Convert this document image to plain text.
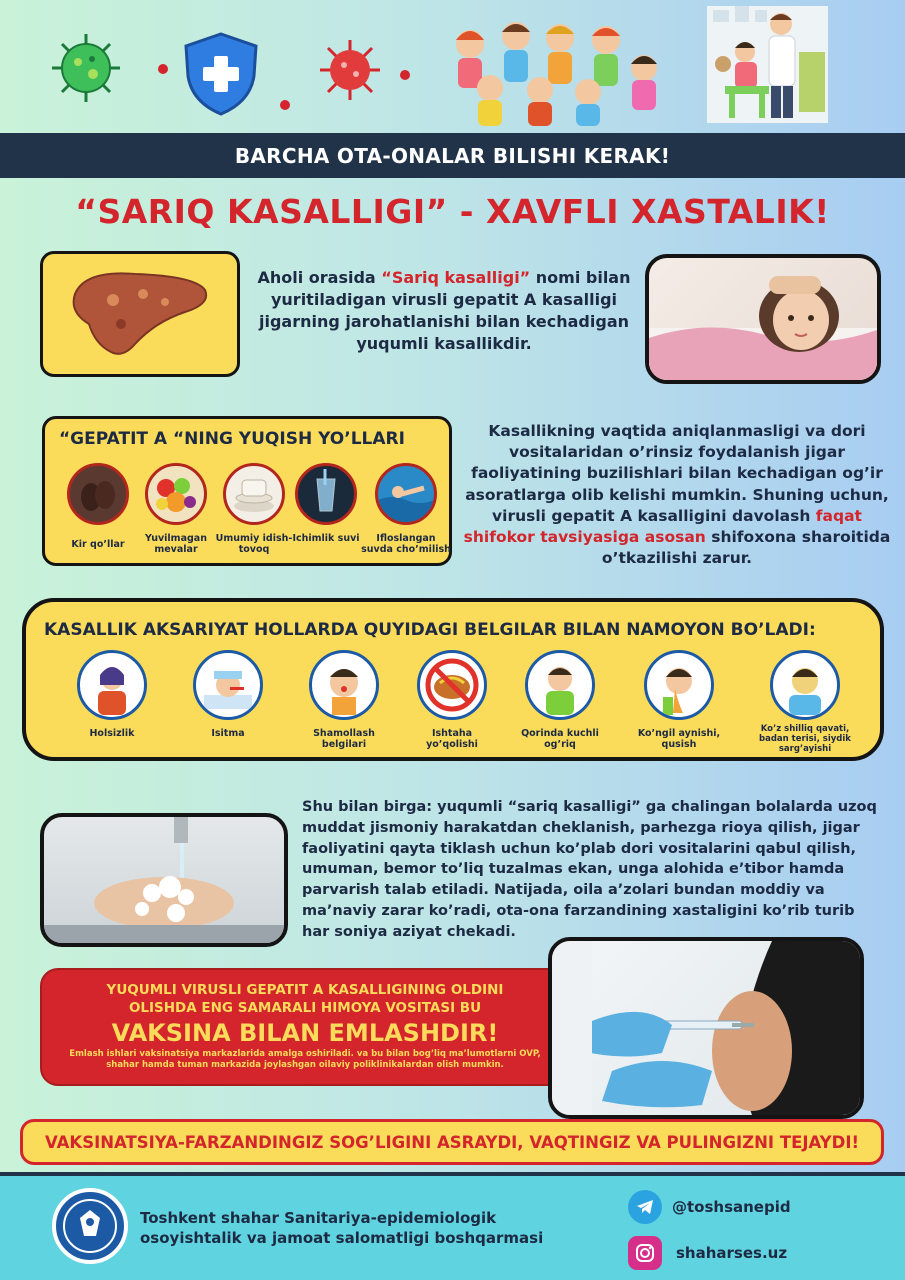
BARCHA OTA-ONALAR BILISHI KERAK!
“SARIQ KASALLIGI” - XAVFLI XASTALIK!
Aholi orasida “Sariq kasalligi” nomi bilan yuritiladigan virusli gepatit A kasalligi jigarning jarohatlanishi bilan kechadigan yuqumli kasallikdir.
“GEPATIT A “NING YUQISH YO’LLARI
Kir qo’llar
Yuvilmagan mevalar
Umumiy idish-tovoq
Ichimlik suvi	Ifloslangan suvda cho’milish
Kasallikning vaqtida aniqlanmasligi va dori vositalaridan o’rinsiz foydalanish jigar faoliyatining buzilishlari bilan kechadigan og’ir asoratlarga olib kelishi mumkin. Shuning uchun, virusli gepatit A kasalligini davolash faqat shifokor tavsiyasiga asosan shifoxona sharoitida o’tkazilishi zarur.
KASALLIK AKSARIYAT HOLLARDA QUYIDAGI BELGILAR BILAN NAMOYON BO’LADI:
Holsizlik	Isitma	Shamollash belgilari
Ishtaha yo’qolishi
Qorinda kuchli og’riq
Ko’ngil aynishi, qusish
Ko’z shilliq qavati, badan terisi, siydik sarg’ayishi
Shu bilan birga: yuqumli “sariq kasalligi” ga chalingan bolalarda uzoq muddat jismoniy harakatdan cheklanish, parhezga rioya qilish, jigar faoliyatini qayta tiklash uchun ko’plab dori vositalarini qabul qilish, umuman, bemor to’liq tuzalmas ekan, unga alohida e’tibor hamda parvarish talab etiladi. Natijada, oila a’zolari bundan moddiy va ma’naviy zarar ko’radi, ota-ona farzandining xastaligini ko’rib turib har soniya aziyat chekadi.
YUQUMLI VIRUSLI GEPATIT A KASALLIGINING OLDINI
OLISHDA ENG SAMARALI HIMOYA VOSITASI BU
VAKSINA BILAN EMLASHDIR!
Emlash ishlari vaksinatsiya markazlarida amalga oshiriladi. va bu bilan bog’liq ma’lumotlarni OVP, shahar hamda tuman markazida joylashgan oilaviy poliklinikalardan olish mumkin.
VAKSINATSIYA-FARZANDINGIZ SOG’LIGINI ASRAYDI, VAQTINGIZ VA PULINGIZNI TEJAYDI!
Toshkent shahar Sanitariya-epidemiologik
osoyishtalik va jamoat salomatligi boshqarmasi
@toshsanepid
shaharses.uz
